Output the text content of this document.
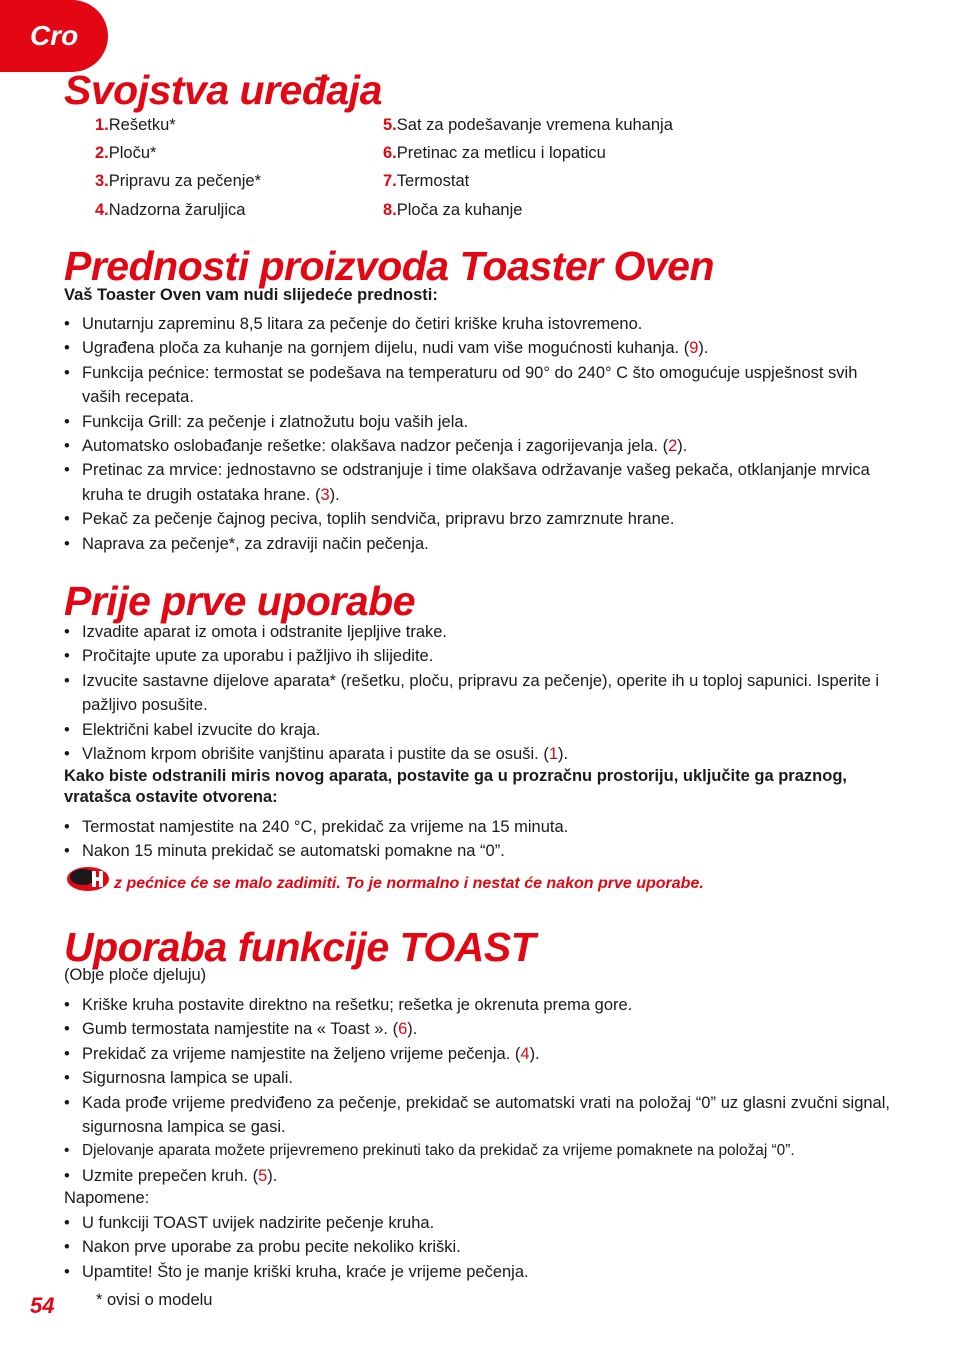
Cro
Svojstva uređaja
1.Rešetku*
2.Ploču*
3.Pripravu za pečenje*
4.Nadzorna žaruljica
5.Sat za podešavanje vremena kuhanja
6.Pretinac za metlicu i lopaticu
7.Termostat
8.Ploča za kuhanje
Prednosti proizvoda Toaster Oven
Vaš Toaster Oven vam nudi slijedeće prednosti:
• Unutarnju zapreminu 8,5 litara za pečenje do četiri kriške kruha istovremeno.
• Ugrađena ploča za kuhanje na gornjem dijelu, nudi vam više mogućnosti kuhanja. (9).
• Funkcija pećnice: termostat se podešava na temperaturu od 90° do 240° C što omogućuje uspješnost svih vaših recepata.
• Funkcija Grill: za pečenje i zlatnožutu boju vaših jela.
• Automatsko oslobađanje rešetke: olakšava nadzor pečenja i zagorijevanja jela. (2).
• Pretinac za mrvice: jednostavno se odstranjuje i time olakšava održavanje vašeg pekača, otklanjanje mrvica kruha te drugih ostataka hrane. (3).
• Pekač za pečenje čajnog peciva, toplih sendviča, pripravu brzo zamrznute hrane.
• Naprava za pečenje*, za zdraviji način pečenja.
Prije prve uporabe
• Izvadite aparat iz omota i odstranite ljepljive trake.
• Pročitajte upute za uporabu i pažljivo ih slijedite.
• Izvucite sastavne dijelove aparata* (rešetku, ploču, pripravu za pečenje), operite ih u toploj sapunici. Isperite i pažljivo posušite.
• Električni kabel izvucite do kraja.
• Vlažnom krpom obrišite vanjštinu aparata i pustite da se osuši. (1).
Kako biste odstranili miris novog aparata, postavite ga u prozračnu prostoriju, uključite ga praznog, vratašca ostavite otvorena:
• Termostat namjestite na 240 °C, prekidač za vrijeme na 15 minuta.
• Nakon 15 minuta prekidač se automatski pomakne na “0”.
z pećnice će se malo zadimiti. To je normalno i nestat će nakon prve uporabe.
Uporaba funkcije TOAST
(Obje ploče djeluju)
• Kriške kruha postavite direktno na rešetku; rešetka je okrenuta prema gore.
• Gumb termostata namjestite na « Toast ». (6).
• Prekidač za vrijeme namjestite na željeno vrijeme pečenja. (4).
• Sigurnosna lampica se upali.
• Kada prođe vrijeme predviđeno za pečenje, prekidač se automatski vrati na položaj “0” uz glasni zvučni signal, sigurnosna lampica se gasi.
• Djelovanje aparata možete prijevremeno prekinuti tako da prekidač za vrijeme pomaknete na položaj “0”.
• Uzmite prepečen kruh. (5).
Napomene:
• U funkciji TOAST uvijek nadzirite pečenje kruha.
• Nakon prve uporabe za probu pecite nekoliko kriški.
• Upamtite! Što je manje kriški kruha, kraće je vrijeme pečenja.
54	* ovisi o modelu
